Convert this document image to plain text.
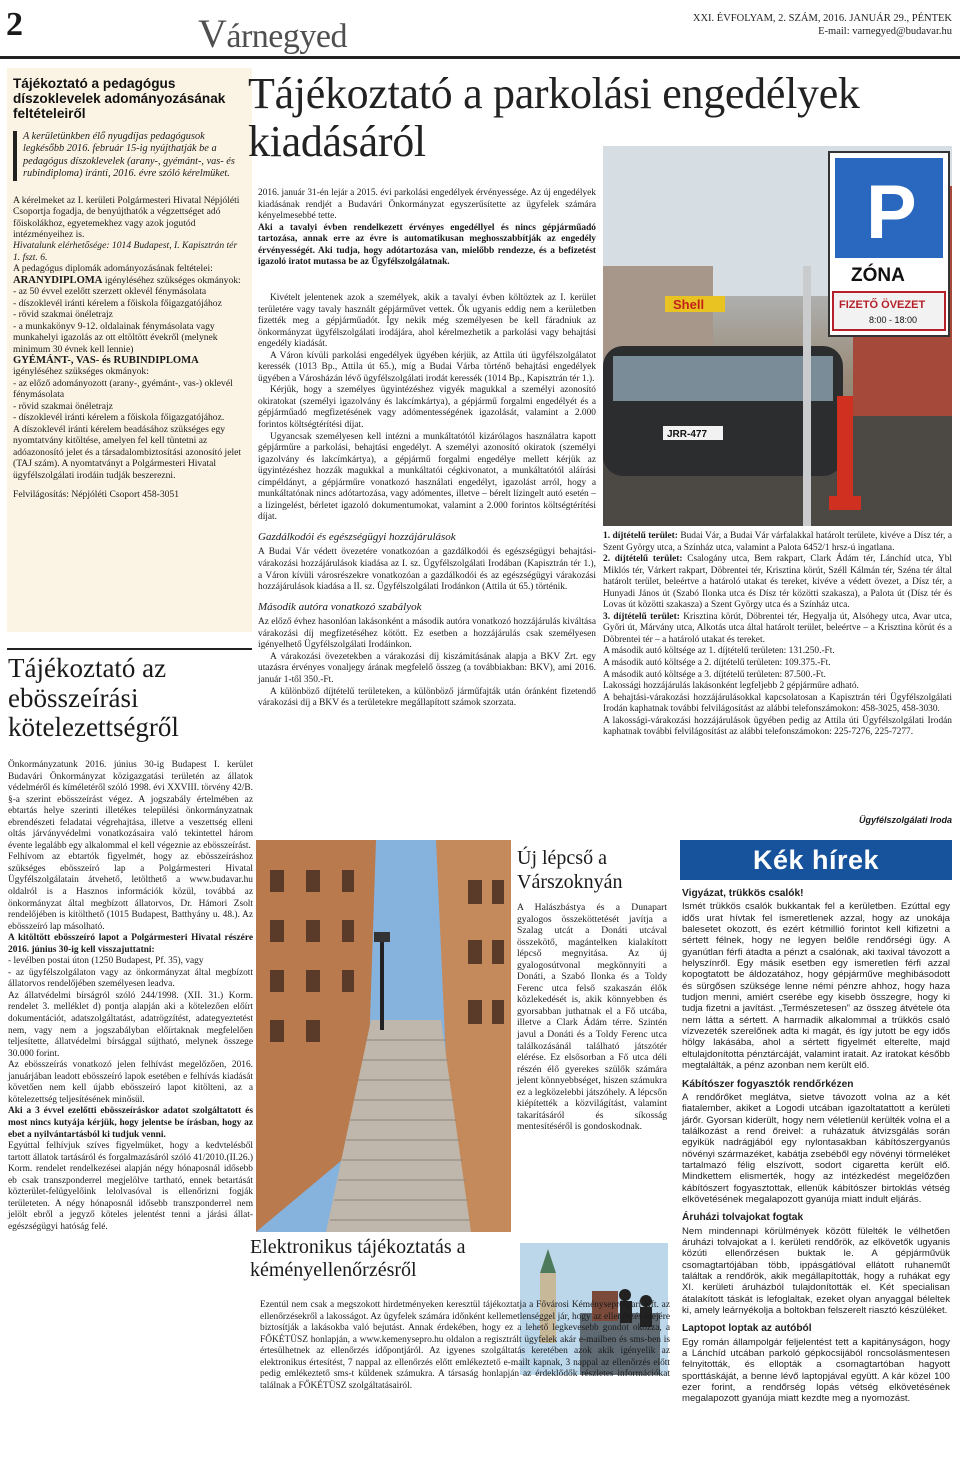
2	Várnegyed	XXI. ÉVFOLYAM, 2. SZÁM, 2016. JANUÁR 29., PÉNTEK
E-mail: varnegyed@budavar.hu
Tájékoztató a pedagógus díszoklevelek adományozásának feltételeiről
A kerületünkben élő nyugdíjas pedagógusok legkésőbb 2016. február 15-ig nyújthatják be a pedagógus díszoklevelek (arany-, gyémánt-, vas- és rubindiploma) iránti, 2016. évre szóló kérelmüket.

A kérelmeket az I. kerületi Polgármesteri Hivatal Népjóléti Csoportja fogadja, de benyújthatók a végzettséget adó főiskolákhoz, egyetemekhez vagy azok jogutód intézményeihez is.

Hivatalunk elérhetősége: 1014 Budapest, I. Kapisztrán tér 1. fszt. 6.

A pedagógus diplomák adományozásának feltételei:

ARANYDIPLOMA igényléséhez szükséges okmányok:

- az 50 évvel ezelőtt szerzett oklevél fénymásolata

- díszoklevél iránti kérelem a főiskola főigazgatójához

- rövid szakmai önéletrajz

- a munkakönyv 9-12. oldalainak fénymásolata vagy munkahelyi igazolás az ott eltöltött évekről (melynek minimum 30 évnek kell lennie)

GYÉMÁNT-, VAS- és RUBINDIPLOMA igényléséhez szükséges okmányok:

- az előző adományozott (arany-, gyémánt-, vas-) oklevél fénymásolata

- rövid szakmai önéletrajz

- díszoklevél iránti kérelem a főiskola főigazgatójához.

A díszoklevél iránti kérelem beadásához szükséges egy nyomtatvány kitöltése, amelyen fel kell tüntetni az adóazonosító jelet és a társadalombiztosítási azonosító jelet (TAJ szám). A nyomtatványt a Polgármesteri Hivatal ügyfélszolgálati irodáin tudják beszerezni.

Felvilágosítás: Népjóléti Csoport 458-3051

Tájékoztató az ebösszeírási kötelezettségről

Önkormányzatunk 2016. június 30-ig Budapest I. kerület Budavári Önkormányzat közigazgatási területén az állatok védelméről és kíméletéről szóló 1998. évi XXVIII. törvény 42/B. §-a szerint ebösszeírást végez. A jogszabály értelmében az ebtartás helye szerinti illetékes települési önkormányzatnak ebrendészeti feladatai végrehajtása, illetve a veszettség elleni oltás járványvédelmi vonatkozásaira való tekintettel három évente legalább egy alkalommal el kell végeznie az ebösszeírást.

Felhívom az ebtartók figyelmét, hogy az ebösszeíráshoz szükséges ebösszeíró lap a Polgármesteri Hivatal Ügyfélszolgálatain átvehető, letölthető a www.budavar.hu oldalról is a Hasznos információk közül, továbbá az önkormányzat által megbízott állatorvos, Dr. Hámori Zsolt rendelőjében is kitölthető (1015 Budapest, Batthyány u. 48.). Az ebösszeíró lap másolható.

A kitöltött ebösszeíró lapot a Polgármesteri Hivatal részére 2016. június 30-ig kell visszajuttatni:

- levélben postai úton (1250 Budapest, Pf. 35), vagy

- az ügyfélszolgálaton vagy az önkormányzat által megbízott állatorvos rendelőjében személyesen leadva.

Az állatvédelmi bírságról szóló 244/1998. (XII. 31.) Korm. rendelet 3. melléklet d) pontja alapján aki a kötelezően előírt dokumentációt, adatszolgáltatást, adatrögzítést, adategyeztetést nem, vagy nem a jogszabályban előírtaknak megfelelően teljesítette, állatvédelmi bírsággal sújtható, melynek összege 30.000 forint.

Az ebösszeírás vonatkozó jelen felhívást megelőzően, 2016. januárjában leadott ebösszeíró lapok esetében e felhívás kiadását követően nem kell újabb ebösszeíró lapot kitölteni, az a kötelezettség teljesítésének minősül.

Aki a 3 évvel ezelőtti ebösszeíráskor adatot szolgáltatott és most nincs kutyája kérjük, hogy jelentse be írásban, hogy az ebet a nyilvántartásból ki tudjuk venni.

Egyúttal felhívjuk szíves figyelmüket, hogy a kedvtelésből tartott állatok tartásáról és forgalmazásáról szóló 41/2010.(II.26.) Korm. rendelet rendelkezései alapján négy hónaposnál idősebb eb csak transzponderrel megjelölve tartható, ennek betartását közterület-felügyelőink lelolvasóval is ellenőrizni fogják területeten. A négy hónaposnál idősebb transzponderrel nem jelölt ebről a jegyző köteles jelentést tenni a járási állat-egészségügyi hatóság felé.

Tájékoztató a parkolási engedélyek kiadásáról

2016. január 31-én lejár a 2015. évi parkolási engedélyek érvényessége. Az új engedélyek kiadásának rendjét a Budavári Önkormányzat egyszerűsítette az ügyfelek számára kényelmesebbé tette.

Aki a tavalyi évben rendelkezett érvényes engedéllyel és nincs gépjárműadó tartozása, annak erre az évre is automatikusan meghosszabbítják az engedély érvényességét. Aki tudja, hogy adótartozása van, mielőbb rendezze, és a befizetést igazoló iratot mutassa be az Ügyfélszolgálatnak.

Kivételt jelentenek azok a személyek, akik a tavalyi évben költöztek az I. kerület területére vagy tavaly használt gépjárművet vettek. Ők ugyanis eddig nem a kerületben fizették meg a gépjárműadót. Így nekik még személyesen be kell fáradniuk az önkormányzat ügyfélszolgálati irodájára, ahol kérelmezhetik a parkolási vagy behajtási engedély kiadását.

A Váron kívüli parkolási engedélyek ügyében kérjük, az Attila úti ügyfélszolgálatot keressék (1013 Bp., Attila út 65.), míg a Budai Várba történő behajtási engedélyek ügyében a Városházán lévő ügyfélszolgálati irodát keressék (1014 Bp., Kapisztrán tér 1.).

Kérjük, hogy a személyes ügyintézéshez vigyék magukkal a személyi azonosító okiratokat (személyi igazolvány és lakcímkártya), a gépjármű forgalmi engedélyét és a gépjárműadó megfizetésének vagy adómentességének igazolását, valamint a 2.000 forintos költségtérítési díjat.

Ugyancsak személyesen kell intézni a munkáltatótól kizárólagos használatra kapott gépjárműre a parkolási, behajtási engedélyt. A személyi azonosító okiratok (személyi igazolvány és lakcímkártya), a gépjármű forgalmi engedélye mellett kérjük az ügyintézéshez hozzák magukkal a munkáltatói cégkivonatot, a munkáltatótól aláírási címpéldányt, a gépjárműre vonatkozó használati engedélyt, igazolást arról, hogy a munkáltatónak nincs adótartozása, vagy adómentes, illetve – bérelt lízingelt autó esetén – a lízingelést, bérletet igazoló dokumentumokat, valamint a 2.000 forintos költségtérítési díjat.

Gazdálkodói és egészségügyi hozzájárulások

A Budai Vár védett övezetére vonatkozóan a gazdálkodói és egészségügyi behajtási-várakozási hozzájárulások kiadása az I. sz. Ügyfélszolgálati Irodában (Kapisztrán tér 1.), a Váron kívüli városrészekre vonatkozóan a gazdálkodói és az egészségügyi várakozási hozzájárulások kiadása a II. sz. Ügyfélszolgálati Irodánkon (Attila út 65.) történik.

Második autóra vonatkozó szabályok

Az előző évhez hasonlóan lakásonként a második autóra vonatkozó hozzájárulás kiváltása várakozási díj megfizetéséhez kötött. Ez esetben a hozzájárulás csak személyesen igényelhető Ügyfélszolgálati Irodáinkon.

A várakozási övezetekben a várakozási díj kiszámításának alapja a BKV Zrt. egy utazásra érvényes vonaljegy árának megfelelő összeg (a továbbiakban: BKV), ami 2016. január 1-től 350.-Ft.

A különböző díjtételű területeken, a különböző járműfajták után óránként fizetendő várakozási díj a BKV és a területekre megállapított számok szorzata.

Shell
JRR-477
P
ZÓNA
FIZETŐ ÖVEZET
8:00 - 18:00

1. díjtételű terület: Budai Vár, a Budai Vár várfalakkal határolt területe, kivéve a Dísz tér, a Szent György utca, a Színház utca, valamint a Palota 6452/1 hrsz-ú ingatlana.

2. díjtételű terület: Csalogány utca, Bem rakpart, Clark Ádám tér, Lánchíd utca, Ybl Miklós tér, Várkert rakpart, Döbrentei tér, Krisztina körút, Széll Kálmán tér, Széna tér által határolt terület, beleértve a határoló utakat és tereket, kivéve a védett övezet, a Dísz tér, a Hunyadi János út (Szabó Ilonka utca és Dísz tér közötti szakasza), a Palota út (Dísz tér és Lovas út közötti szakasza) a Szent György utca és a Színház utca.

3. díjtételű terület: Krisztina körút, Döbrentei tér, Hegyalja út, Alsóhegy utca, Avar utca, Győri út, Márvány utca, Alkotás utca által határolt terület, beleértve – a Krisztina körút és a Döbrentei tér – a határoló utakat és tereket.

A második autó költsége az 1. díjtételű területen: 131.250.-Ft.

A második autó költsége a 2. díjtételű területen: 109.375.-Ft.

A második autó költsége a 3. díjtételű területen: 87.500.-Ft.

Lakossági hozzájárulás lakásonként legfeljebb 2 gépjárműre adható.

A behajtási-várakozási hozzájárulásokkal kapcsolatosan a Kapisztrán téri Ügyfélszolgálati Irodán kaphatnak további felvilágosítást az alábbi telefonszámokon: 458-3025, 458-3030.

A lakossági-várakozási hozzájárulások ügyében pedig az Attila úti Ügyfélszolgálati Irodán kaphatnak további felvilágosítást az alábbi telefonszámokon: 225-7276, 225-7277.

Ügyfélszolgálati Iroda
Új lépcső a Várszoknyán
A Halászbástya és a Dunapart gyalogos összeköttetését javítja a Szalag utcát a Donáti utcával összekötő, magántelken kialakított lépcső megnyitása. Az új gyalogosútvonal megkönnyíti a Donáti, a Szabó Ilonka és a Toldy Ferenc utca felső szakaszán élők közlekedését is, akik könnyebben és gyorsabban juthatnak el a Fő utcába, illetve a Clark Ádám térre. Szintén javul a Donáti és a Toldy Ferenc utca találkozásánál található játszótér elérése. Ez elsősorban a Fő utca déli részén élő gyerekes szülők számára jelent könnyebbséget, hiszen számukra ez a legközelebbi játszóhely. A lépcsőn kiépítették a közvilágítást, valamint takarításáról és síkosság mentesítéséről is gondoskodnak.
Elektronikus tájékoztatás a kéményellenőrzésről
Ezentúl nem csak a megszokott hirdetményeken keresztül tájékoztatja a Fővárosi Kéményseprőipari Kft. az ellenőrzésekről a lakosságot. Az ügyfelek számára időnként kellemetlenséggel jár, hogy az ellenőrzés idejére biztosítják a lakásokba való bejutást. Annak érdekében, hogy ez a lehető legkevesebb gondot okozza, a FŐKÉTÜSZ honlapján, a www.kemenysepro.hu oldalon a regisztrált ügyfelek akár e-mailben és sms-ben is értesülhetnek az ellenőrzés időpontjáról. Az igyenes szolgáltatás keretében azok akik igényelik az elektronikus értesítést, 7 nappal az ellenőrzés előtt emlékeztető e-mailt kapnak, 3 nappal az ellenőrzés előtt pedig emlékeztető sms-t küldenek számukra. A társaság honlapján az érdeklődők részletes információkat találnak a FŐKÉTÜSZ szolgáltatásairól.
Kék hírek
Vigyázat, trükkös csalók!

Ismét trükkös csalók bukkantak fel a kerületben. Ezúttal egy idős urat hívtak fel ismeretlenek azzal, hogy az unokája balesetet okozott, és ezért kétmillió forintot kell kifizetni a sértett félnek, hogy ne legyen belőle rendőrségi ügy. A gyanútlan férfi átadta a pénzt a csalónak, aki taxival távozott a helyszínről. Egy másik esetben egy ismeretlen férfi azzal kopogtatott be áldozatához, hogy gépjárműve meghibásodott és sürgősen szüksége lenne némi pénzre ahhoz, hogy haza tudjon menni, amiért cserébe egy kisebb összegre, hogy ki tudja fizetni a javítást. „Természetesen” az összeg átvétele óta nem látta a sértett. A harmadik alkalommal a trükkös csaló vízvezeték szerelőnek adta ki magát, és így jutott be egy idős hölgy lakásába, ahol a sértett figyelmét elterelte, majd eltulajdonította pénztárcáját, valamint iratait. Az iratokat később megtalálták, a pénz azonban nem került elő.

Kábítószer fogyasztók rendőrkézen

A rendőrőket meglátva, sietve távozott volna az a két fiatalember, akiket a Logodi utcában igazoltatattott a kerületi járőr. Gyorsan kiderült, hogy nem véletlenül kerülték volna el a találkozást a rend őreivel: a ruházatuk átvizsgálás során egyikük nadrágjából egy nylontasakban kábítószergyanús növényi származéket, kabátja zsebéből egy növényi törmeléket tartalmazó félig elszívott, sodort cigaretta került elő. Mindkettem elismerték, hogy az intézkedést megelőzően kábítószert fogyasztottak, ellenük kábítószer birtoklás vétség elkövetésének megalapozott gyanúja miatt indult eljárás.

Áruházi tolvajokat fogtak

Nem mindennapi körülmények között fülelték le vélhetően áruházi tolvajokat a I. kerületi rendőrök, az elkövetők ugyanis közúti ellenőrzésen buktak le. A gépjárművük csomagtartójában több, ippásgátlóval ellátott ruhaneműt találtak a rendőrök, akik megállapították, hogy a ruhákat egy XI. kerületi áruházból tulajdonították el. Két specialisan átalakított táskát is lefoglaltak, ezeket olyan anyaggal béleltek ki, amely leárnyékolja a boltokban felszerelt riasztó készüléket.

Laptopot loptak az autóból

Egy román állampolgár feljelentést tett a kapitányságon, hogy a Lánchíd utcában parkoló gépkocsijából roncsolásmentesen felnyitották, és ellopták a csomagtartóban hagyott sporttáskáját, a benne lévő laptopjával együtt. A kár közel 100 ezer forint, a rendőrség lopás vétség elkövetésének megalapozott gyanúja miatt kezdte meg a nyomozást.
